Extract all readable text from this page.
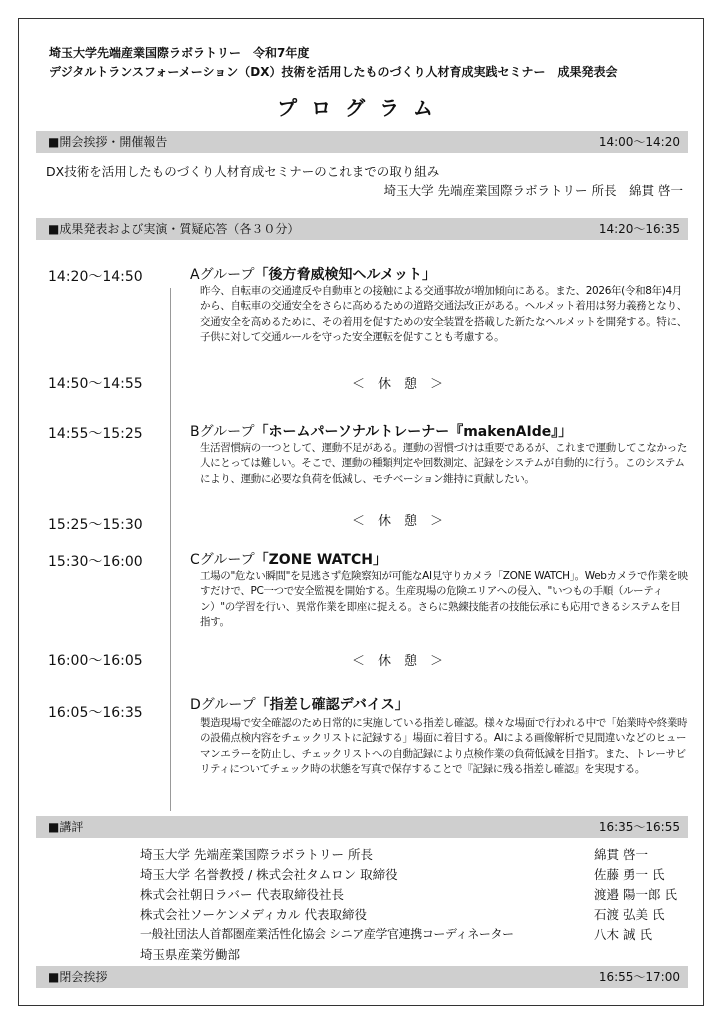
埼玉大学先端産業国際ラボラトリー　令和7年度
デジタルトランスフォーメーション（DX）技術を活用したものづくり人材育成実践セミナー　成果発表会
プログラム
■開会挨拶・開催報告	14:00〜14:20
DX技術を活用したものづくり人材育成セミナーのこれまでの取り組み
埼玉大学 先端産業国際ラボラトリー 所長　綿貫 啓一
■成果発表および実演・質疑応答（各３０分）	14:20〜16:35
14:20〜14:50	Aグループ「後方脅威検知ヘルメット」
昨今、自転車の交通違反や自動車との接触による交通事故が増加傾向にある。また、2026年(令和8年)4月から、自転車の交通安全をさらに高めるための道路交通法改正がある。ヘルメット着用は努力義務となり、交通安全を高めるために、その着用を促すための安全装置を搭載した新たなヘルメットを開発する。特に、子供に対して交通ルールを守った安全運転を促すことも考慮する。
14:50〜14:55	＜　休　憩　＞
14:55〜15:25	Bグループ「ホームパーソナルトレーナー『makenAIde』」
生活習慣病の一つとして、運動不足がある。運動の習慣づけは重要であるが、これまで運動してこなかった人にとっては難しい。そこで、運動の種類判定や回数測定、記録をシステムが自動的に行う。このシステムにより、運動に必要な負荷を低減し、モチベーション維持に貢献したい。
15:25〜15:30	＜　休　憩　＞
15:30〜16:00	Cグループ「ZONE WATCH」
工場の"危ない瞬間"を見逃さず危険察知が可能なAI見守りカメラ「ZONE WATCH」。Webカメラで作業を映すだけで、PC一つで安全監視を開始する。生産現場の危険エリアへの侵入、"いつもの手順（ルーティン）"の学習を行い、異常作業を即座に捉える。さらに熟練技能者の技能伝承にも応用できるシステムを目指す。
16:00〜16:05	＜　休　憩　＞
16:05〜16:35	Dグループ「指差し確認デバイス」
製造現場で安全確認のため日常的に実施している指差し確認。様々な場面で行われる中で「始業時や終業時の設備点検内容をチェックリストに記録する」場面に着目する。AIによる画像解析で見間違いなどのヒューマンエラーを防止し、チェックリストへの自動記録により点検作業の負荷低減を目指す。また、トレーサビリティについてチェック時の状態を写真で保存することで『記録に残る指差し確認』を実現する。
■講評	16:35〜16:55
埼玉大学 先端産業国際ラボラトリー 所長	綿貫 啓一
埼玉大学 名誉教授 / 株式会社タムロン 取締役	佐藤 勇一 氏
株式会社朝日ラバー 代表取締役社長	渡邉 陽一郎 氏
株式会社ソーケンメディカル 代表取締役	石渡 弘美 氏
一般社団法人首都圏産業活性化協会 シニア産学官連携コーディネーター	八木 誠 氏
埼玉県産業労働部
■閉会挨拶	16:55〜17:00
